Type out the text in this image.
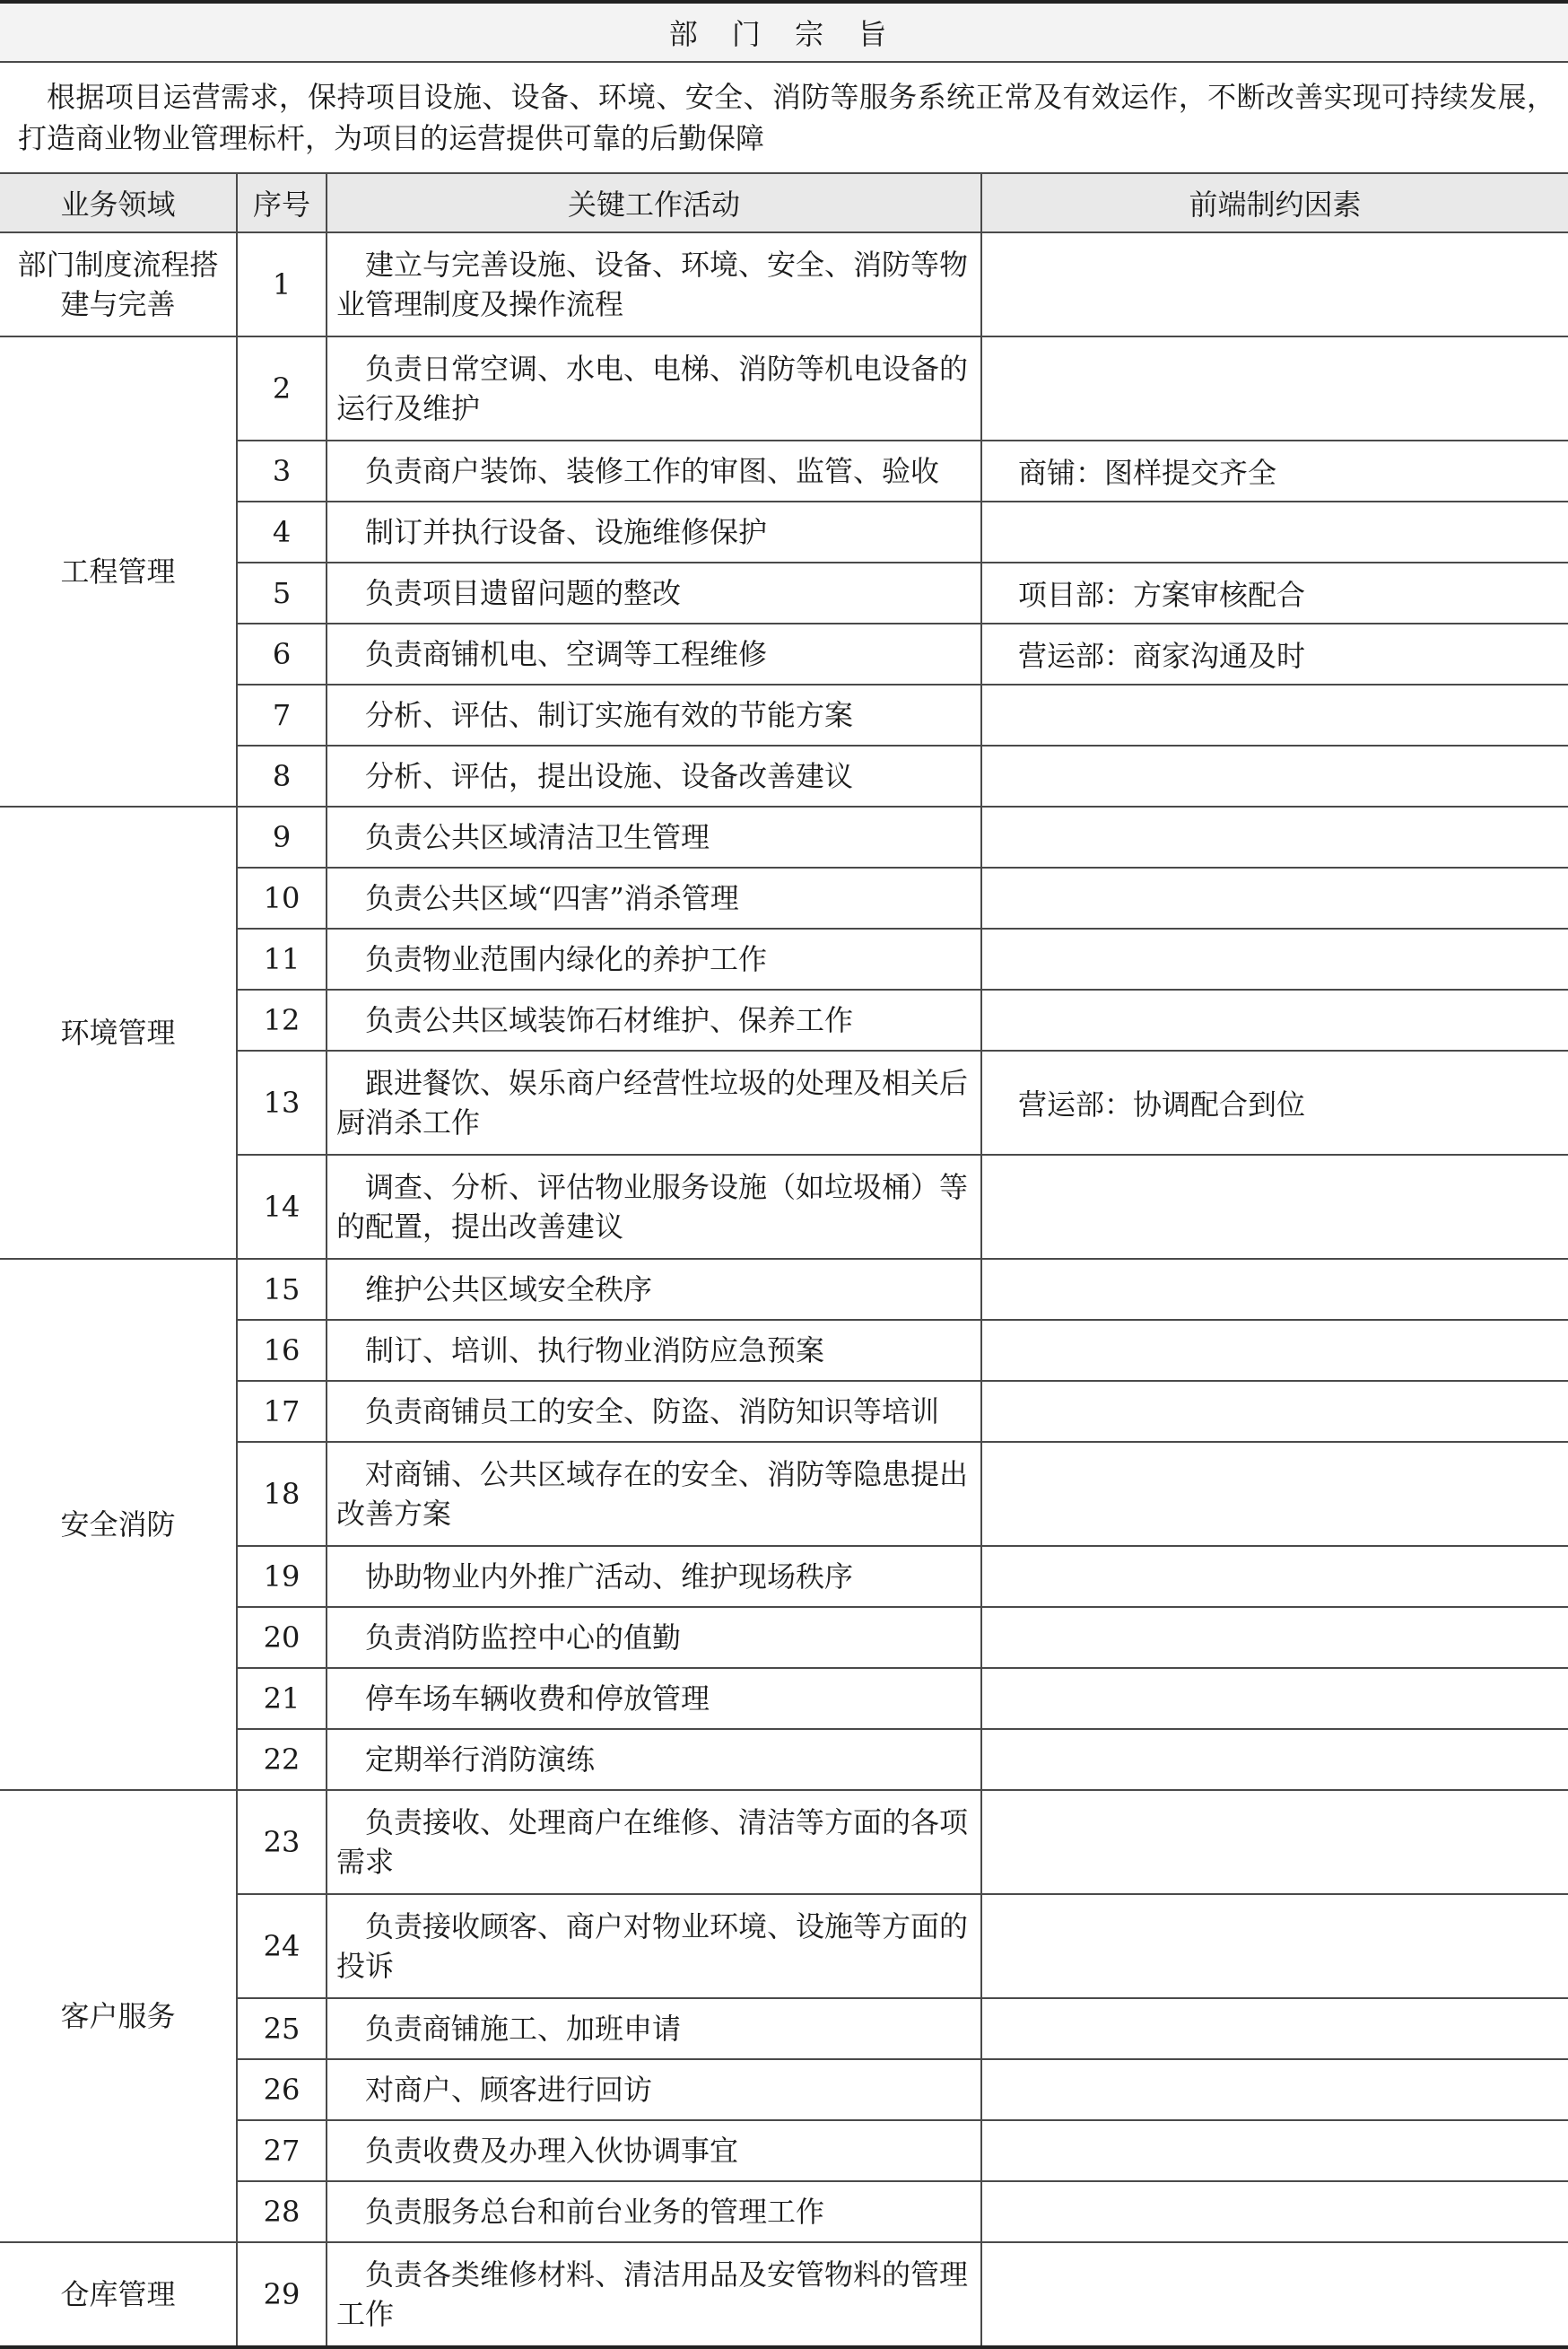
部 门 宗 旨			
根据项目运营需求，保持项目设施、设备、环境、安全、消防等服务系统正常及有效运作，不断改善实现可持续发展，打造商业物业管理标杆，为项目的运营提供可靠的后勤保障			
业务领域	序号	关键工作活动	前端制约因素
部门制度流程搭建与完善	1	建立与完善设施、设备、环境、安全、消防等物业管理制度及操作流程	
工程管理	2	负责日常空调、水电、电梯、消防等机电设备的运行及维护	
	3	负责商户装饰、装修工作的审图、监管、验收	商铺：图样提交齐全
	4	制订并执行设备、设施维修保护	
	5	负责项目遗留问题的整改	项目部：方案审核配合
	6	负责商铺机电、空调等工程维修	营运部：商家沟通及时
	7	分析、评估、制订实施有效的节能方案	
	8	分析、评估，提出设施、设备改善建议	
环境管理	9	负责公共区域清洁卫生管理	
	10	负责公共区域“四害”消杀管理	
	11	负责物业范围内绿化的养护工作	
	12	负责公共区域装饰石材维护、保养工作	
	13	跟进餐饮、娱乐商户经营性垃圾的处理及相关后厨消杀工作	营运部：协调配合到位
	14	调查、分析、评估物业服务设施（如垃圾桶）等的配置，提出改善建议	
安全消防	15	维护公共区域安全秩序	
	16	制订、培训、执行物业消防应急预案	
	17	负责商铺员工的安全、防盗、消防知识等培训	
	18	对商铺、公共区域存在的安全、消防等隐患提出改善方案	
	19	协助物业内外推广活动、维护现场秩序	
	20	负责消防监控中心的值勤	
	21	停车场车辆收费和停放管理	
	22	定期举行消防演练	
客户服务	23	负责接收、处理商户在维修、清洁等方面的各项需求	
	24	负责接收顾客、商户对物业环境、设施等方面的投诉	
	25	负责商铺施工、加班申请	
	26	对商户、顾客进行回访	
	27	负责收费及办理入伙协调事宜	
	28	负责服务总台和前台业务的管理工作	
仓库管理	29	负责各类维修材料、清洁用品及安管物料的管理工作	
